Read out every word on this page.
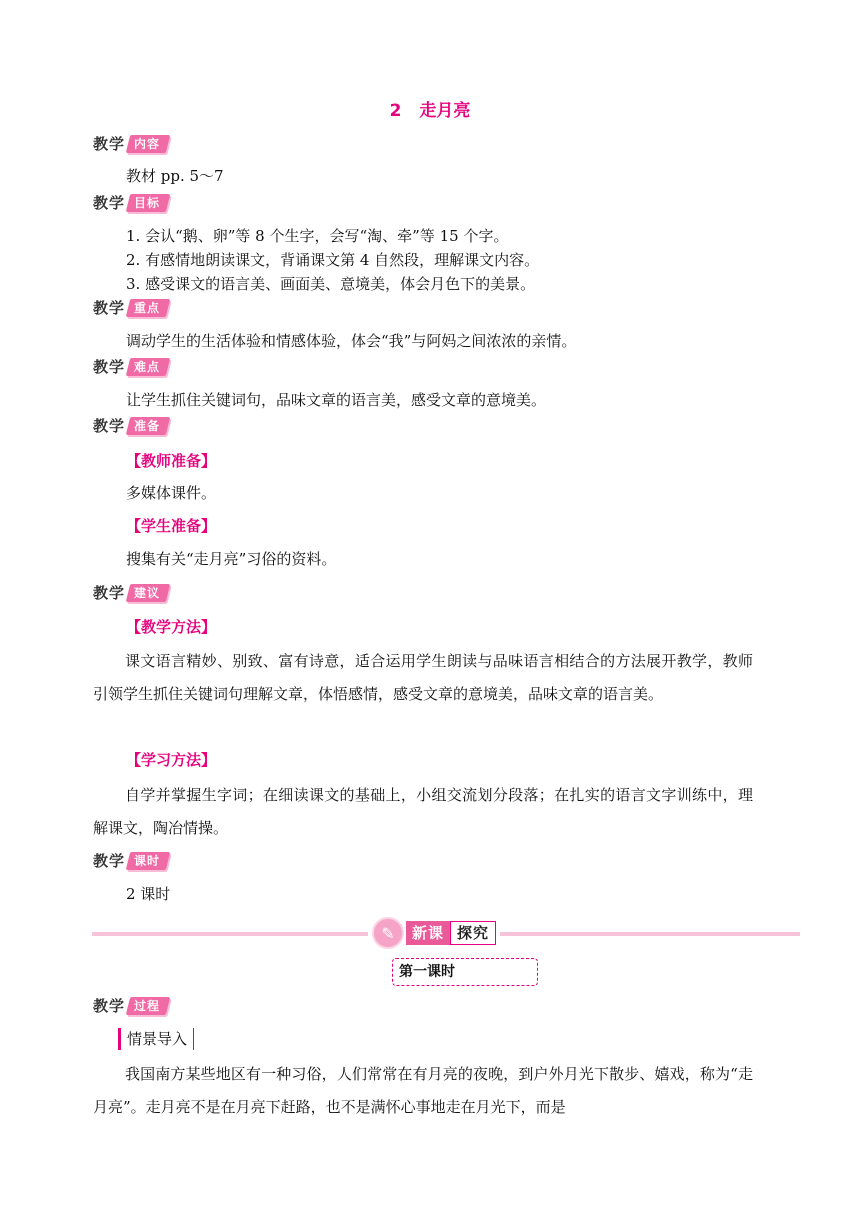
2 走月亮
教学 内容
教材 pp. 5～7
教学 目标
1. 会认“鹅、卵”等 8 个生字，会写“淘、牵”等 15 个字。
2. 有感情地朗读课文，背诵课文第 4 自然段，理解课文内容。
3. 感受课文的语言美、画面美、意境美，体会月色下的美景。
教学 重点
调动学生的生活体验和情感体验，体会“我”与阿妈之间浓浓的亲情。
教学 难点
让学生抓住关键词句，品味文章的语言美，感受文章的意境美。
教学 准备
【教师准备】
多媒体课件。
【学生准备】
搜集有关“走月亮”习俗的资料。
教学 建议
【教学方法】

课文语言精妙、别致、富有诗意，适合运用学生朗读与品味语言相结合的方法展开教学，教师引领学生抓住关键词句理解文章，体悟感情，感受文章的意境美，品味文章的语言美。

【学习方法】

自学并掌握生字词；在细读课文的基础上，小组交流划分段落；在扎实的语言文字训练中，理解课文，陶冶情操。

教学 课时
2 课时
✎	新课 探究
第一课时
教学 过程
情景导入

我国南方某些地区有一种习俗，人们常常在有月亮的夜晚，到户外月光下散步、嬉戏，称为“走月亮”。走月亮不是在月亮下赶路，也不是满怀心事地走在月光下，而是
